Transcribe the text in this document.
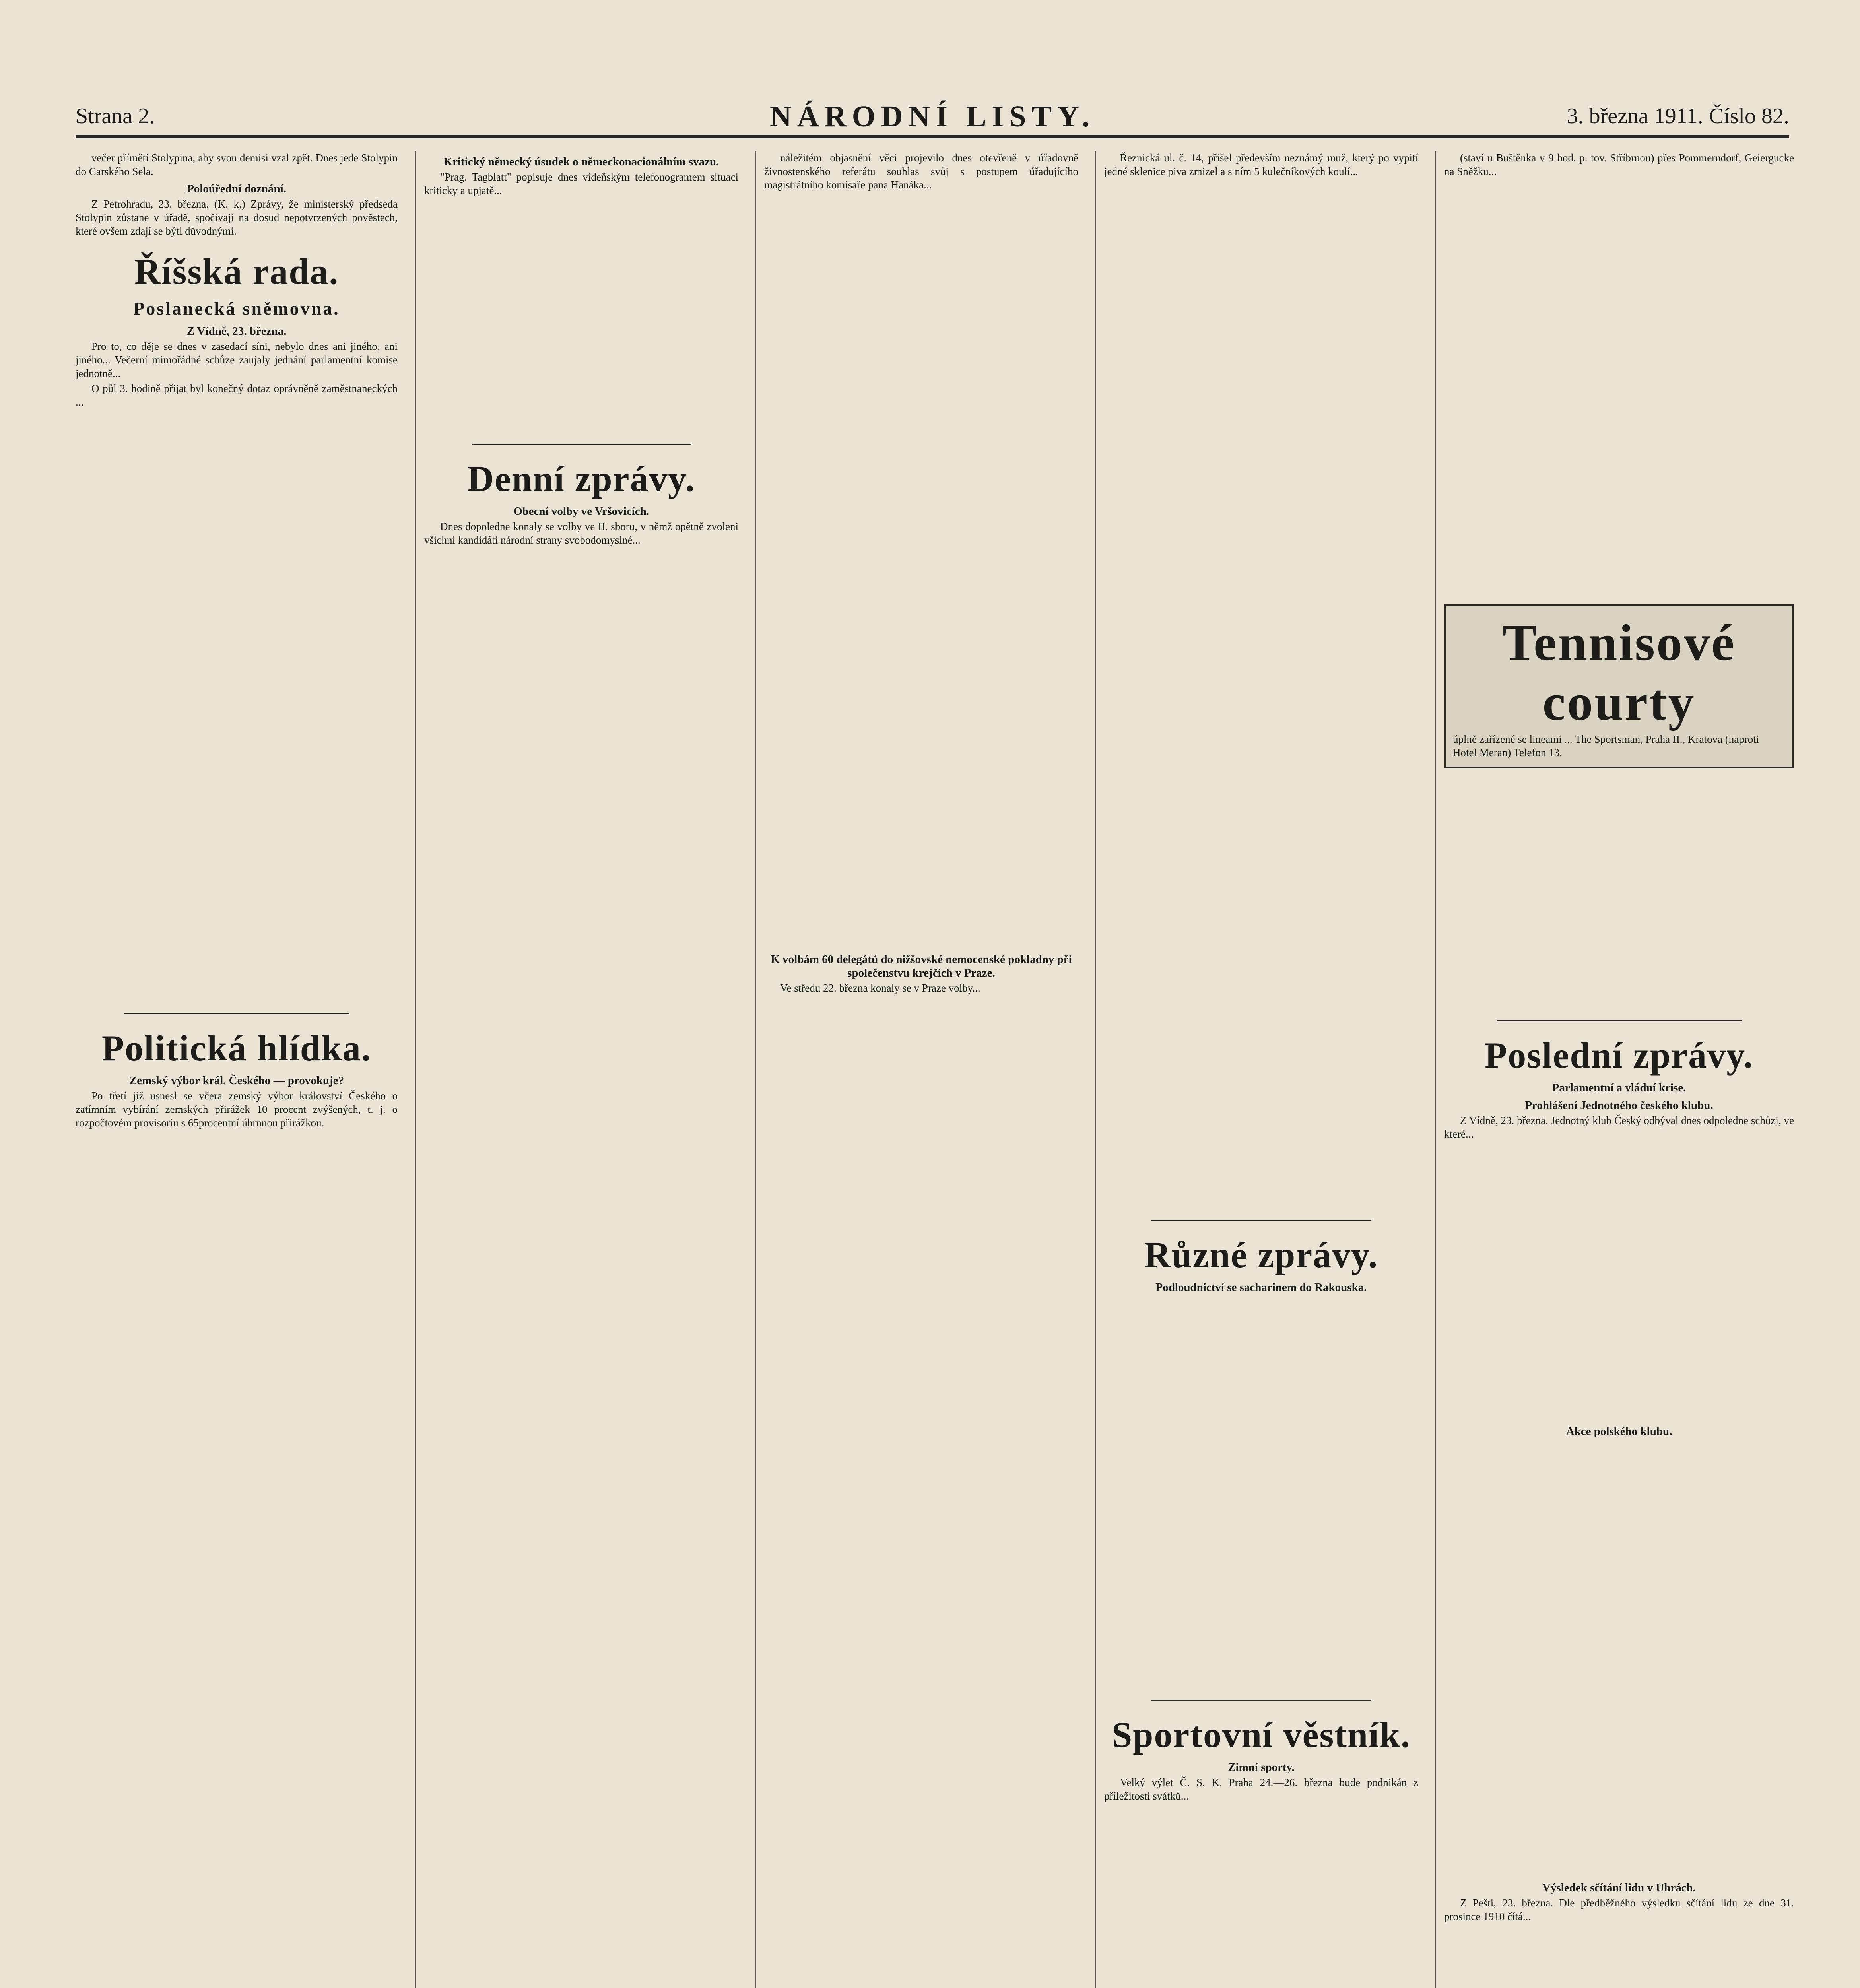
Strana 2.	NÁRODNÍ LISTY.	3. března 1911. Číslo 82.

večer přímětí Stolypina, aby svou demisi vzal zpět. Dnes jede Stolypin do Carského Sela.

Poloúřední doznání.

Z Petrohradu, 23. března. (K. k.) Zprávy, že ministerský předseda Stolypin zůstane v úřadě, spočívají na dosud nepotvrzených pověstech, které ovšem zdají se býti důvodnými.

Říšská rada.
Poslanecká sněmovna.
Z Vídně, 23. března.

Pro to, co děje se dnes v zasedací síni, nebylo dnes ani jiného, ani jiného... Večerní mimořádné schůze zaujaly jednání parlamentní komise jednotně...

O půl 3. hodině přijat byl konečný dotaz oprávněně zaměstnaneckých ...

Politická hlídka.
Zemský výbor král. Českého — provokuje?

Po třetí již usnesl se včera zemský výbor království Českého o zatímním vybírání zemských přirážek 10 procent zvýšených, t. j. o rozpočtovém provisoriu s 65procentní úhrnnou přirážkou.

Kritický německý úsudek o německonacionálním svazu.

"Prag. Tagblatt" popisuje dnes vídeňským telefonogramem situaci kriticky a upjatě...

Denní zprávy.
Obecní volby ve Vršovicích.

Dnes dopoledne konaly se volby ve II. sboru, v němž opětně zvoleni všichni kandidáti národní strany svobodomyslné...

náležitém objasnění věci projevilo dnes otevřeně v úřadovně živnostenského referátu souhlas svůj s postupem úřadujícího magistrátního komisaře pana Hanáka...

K volbám 60 delegátů do nižšovské nemocenské pokladny při společenstvu krejčích v Praze.

Ve středu 22. března konaly se v Praze volby...

Řeznická ul. č. 14, přišel především neznámý muž, který po vypití jedné sklenice piva zmizel a s ním 5 kulečníkových koulí...

Různé zprávy.
Podloudnictví se sacharinem do Rakouska.
Sportovní věstník.
Zimní sporty.

Velký výlet Č. S. K. Praha 24.—26. března bude podnikán z příležitosti svátků...

(staví u Buštěnka v 9 hod. p. tov. Stříbrnou) přes Pommerndorf, Geiergucke na Sněžku...

Tennisové courty
úplně zařízené se lineami ... The Sportsman, Praha II., Kratova (naproti Hotel Meran) Telefon 13.
Poslední zprávy.
Parlamentní a vládní krise.
Prohlášení Jednotného českého klubu.

Z Vídně, 23. března. Jednotný klub Český odbýval dnes odpoledne schůzi, ve které...

Akce polského klubu.
Výsledek sčítání lidu v Uhrách.

Z Pešti, 23. března. Dle předběžného výsledku sčítání lidu ze dne 31. prosince 1910 čítá...
